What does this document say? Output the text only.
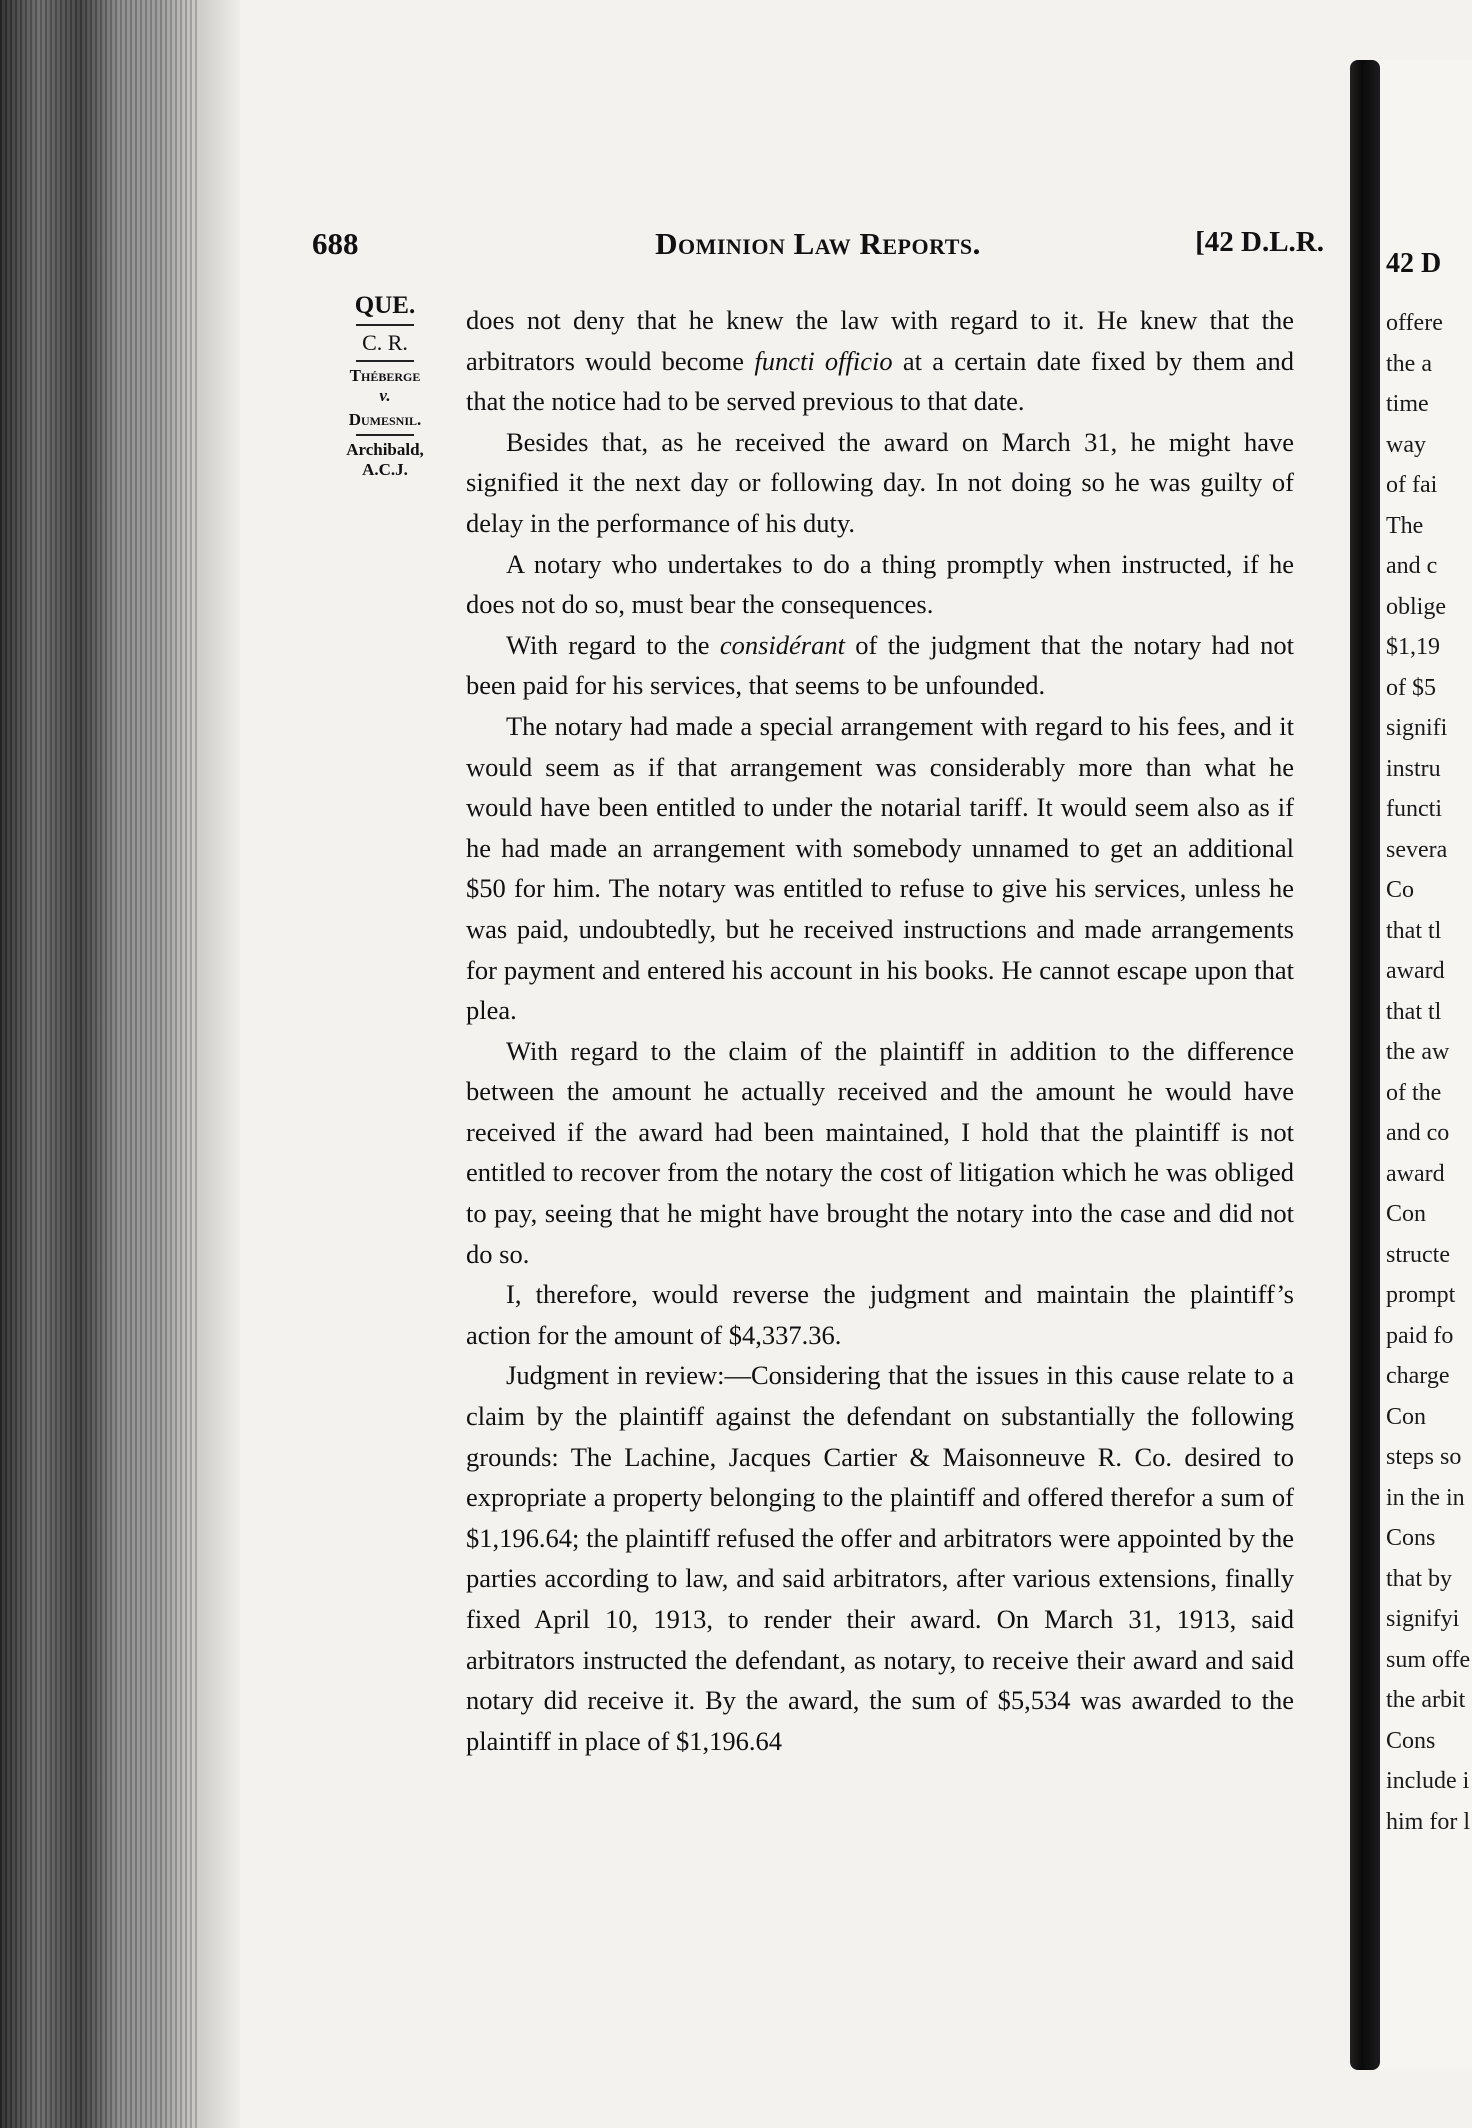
42 D
offere
the a
time
way
of fai
The
and c
oblige
$1,19
of $5
signifi
instru
functi
severa
Co
that tl
award
that tl
the aw
of the
and co
award
Con
structe
prompt
paid fo
charge
Con
steps so
in the in
Cons
that by
signifyi
sum offe
the arbit
Cons
include i
him for l
688	Dominion Law Reports.	[42 D.L.R.
QUE.
C. R.
Théberge
v.
Dumesnil.
Archibald,
A.C.J.

does not deny that he knew the law with regard to it. He knew that the arbitrators would become functi officio at a certain date fixed by them and that the notice had to be served previous to that date.

Besides that, as he received the award on March 31, he might have signified it the next day or following day. In not doing so he was guilty of delay in the performance of his duty.

A notary who undertakes to do a thing promptly when instructed, if he does not do so, must bear the consequences.

With regard to the considérant of the judgment that the notary had not been paid for his services, that seems to be unfounded.

The notary had made a special arrangement with regard to his fees, and it would seem as if that arrangement was considerably more than what he would have been entitled to under the notarial tariff. It would seem also as if he had made an arrangement with somebody unnamed to get an additional $50 for him. The notary was entitled to refuse to give his services, unless he was paid, undoubtedly, but he received instructions and made arrangements for payment and entered his account in his books. He cannot escape upon that plea.

With regard to the claim of the plaintiff in addition to the difference between the amount he actually received and the amount he would have received if the award had been maintained, I hold that the plaintiff is not entitled to recover from the notary the cost of litigation which he was obliged to pay, seeing that he might have brought the notary into the case and did not do so.

I, therefore, would reverse the judgment and maintain the plaintiff’s action for the amount of $4,337.36.

Judgment in review:—Considering that the issues in this cause relate to a claim by the plaintiff against the defendant on substantially the following grounds: The Lachine, Jacques Cartier & Maisonneuve R. Co. desired to expropriate a property belonging to the plaintiff and offered therefor a sum of $1,196.64; the plaintiff refused the offer and arbitrators were appointed by the parties according to law, and said arbitrators, after various extensions, finally fixed April 10, 1913, to render their award. On March 31, 1913, said arbitrators instructed the defendant, as notary, to receive their award and said notary did receive it. By the award, the sum of $5,534 was awarded to the plaintiff in place of $1,196.64
